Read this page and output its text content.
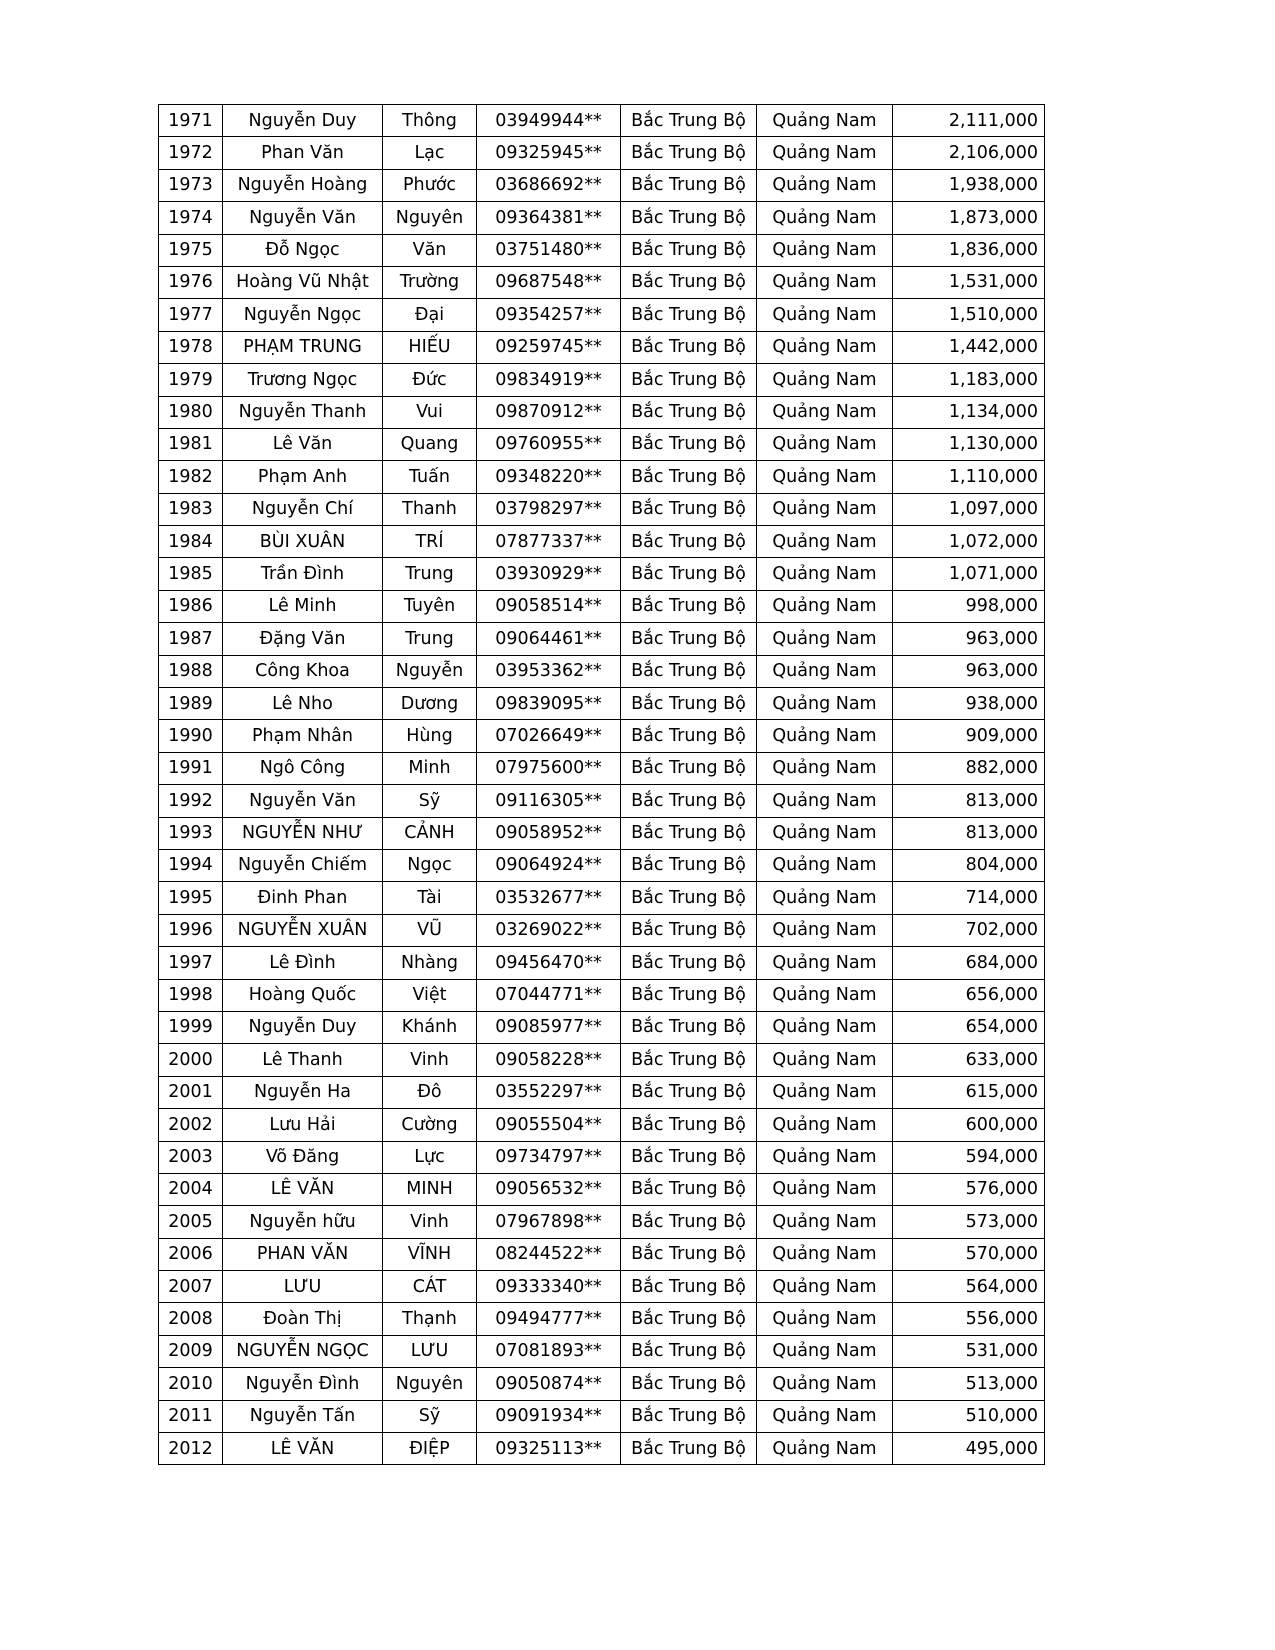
1971	Nguyễn Duy	Thông	03949944**	Bắc Trung Bộ	Quảng Nam	2,111,000
1972	Phan Văn	Lạc	09325945**	Bắc Trung Bộ	Quảng Nam	2,106,000
1973	Nguyễn Hoàng	Phước	03686692**	Bắc Trung Bộ	Quảng Nam	1,938,000
1974	Nguyễn Văn	Nguyên	09364381**	Bắc Trung Bộ	Quảng Nam	1,873,000
1975	Đỗ Ngọc	Văn	03751480**	Bắc Trung Bộ	Quảng Nam	1,836,000
1976	Hoàng Vũ Nhật	Trường	09687548**	Bắc Trung Bộ	Quảng Nam	1,531,000
1977	Nguyễn Ngọc	Đại	09354257**	Bắc Trung Bộ	Quảng Nam	1,510,000
1978	PHẠM TRUNG	HIẾU	09259745**	Bắc Trung Bộ	Quảng Nam	1,442,000
1979	Trương Ngọc	Đức	09834919**	Bắc Trung Bộ	Quảng Nam	1,183,000
1980	Nguyễn Thanh	Vui	09870912**	Bắc Trung Bộ	Quảng Nam	1,134,000
1981	Lê Văn	Quang	09760955**	Bắc Trung Bộ	Quảng Nam	1,130,000
1982	Phạm Anh	Tuấn	09348220**	Bắc Trung Bộ	Quảng Nam	1,110,000
1983	Nguyễn Chí	Thanh	03798297**	Bắc Trung Bộ	Quảng Nam	1,097,000
1984	BÙI XUÂN	TRÍ	07877337**	Bắc Trung Bộ	Quảng Nam	1,072,000
1985	Trần Đình	Trung	03930929**	Bắc Trung Bộ	Quảng Nam	1,071,000
1986	Lê Minh	Tuyên	09058514**	Bắc Trung Bộ	Quảng Nam	998,000
1987	Đặng Văn	Trung	09064461**	Bắc Trung Bộ	Quảng Nam	963,000
1988	Công Khoa	Nguyễn	03953362**	Bắc Trung Bộ	Quảng Nam	963,000
1989	Lê Nho	Dương	09839095**	Bắc Trung Bộ	Quảng Nam	938,000
1990	Phạm Nhân	Hùng	07026649**	Bắc Trung Bộ	Quảng Nam	909,000
1991	Ngô Công	Minh	07975600**	Bắc Trung Bộ	Quảng Nam	882,000
1992	Nguyễn Văn	Sỹ	09116305**	Bắc Trung Bộ	Quảng Nam	813,000
1993	NGUYỄN NHƯ	CẢNH	09058952**	Bắc Trung Bộ	Quảng Nam	813,000
1994	Nguyễn Chiếm	Ngọc	09064924**	Bắc Trung Bộ	Quảng Nam	804,000
1995	Đinh Phan	Tài	03532677**	Bắc Trung Bộ	Quảng Nam	714,000
1996	NGUYỄN XUÂN	VŨ	03269022**	Bắc Trung Bộ	Quảng Nam	702,000
1997	Lê Đình	Nhàng	09456470**	Bắc Trung Bộ	Quảng Nam	684,000
1998	Hoàng Quốc	Việt	07044771**	Bắc Trung Bộ	Quảng Nam	656,000
1999	Nguyễn Duy	Khánh	09085977**	Bắc Trung Bộ	Quảng Nam	654,000
2000	Lê Thanh	Vinh	09058228**	Bắc Trung Bộ	Quảng Nam	633,000
2001	Nguyễn Ha	Đô	03552297**	Bắc Trung Bộ	Quảng Nam	615,000
2002	Lưu Hải	Cường	09055504**	Bắc Trung Bộ	Quảng Nam	600,000
2003	Võ Đăng	Lực	09734797**	Bắc Trung Bộ	Quảng Nam	594,000
2004	LÊ VĂN	MINH	09056532**	Bắc Trung Bộ	Quảng Nam	576,000
2005	Nguyễn hữu	Vinh	07967898**	Bắc Trung Bộ	Quảng Nam	573,000
2006	PHAN VĂN	VĨNH	08244522**	Bắc Trung Bộ	Quảng Nam	570,000
2007	LƯU	CÁT	09333340**	Bắc Trung Bộ	Quảng Nam	564,000
2008	Đoàn Thị	Thạnh	09494777**	Bắc Trung Bộ	Quảng Nam	556,000
2009	NGUYỄN NGỌC	LƯU	07081893**	Bắc Trung Bộ	Quảng Nam	531,000
2010	Nguyễn Đình	Nguyên	09050874**	Bắc Trung Bộ	Quảng Nam	513,000
2011	Nguyễn Tấn	Sỹ	09091934**	Bắc Trung Bộ	Quảng Nam	510,000
2012	LÊ VĂN	ĐIỆP	09325113**	Bắc Trung Bộ	Quảng Nam	495,000
